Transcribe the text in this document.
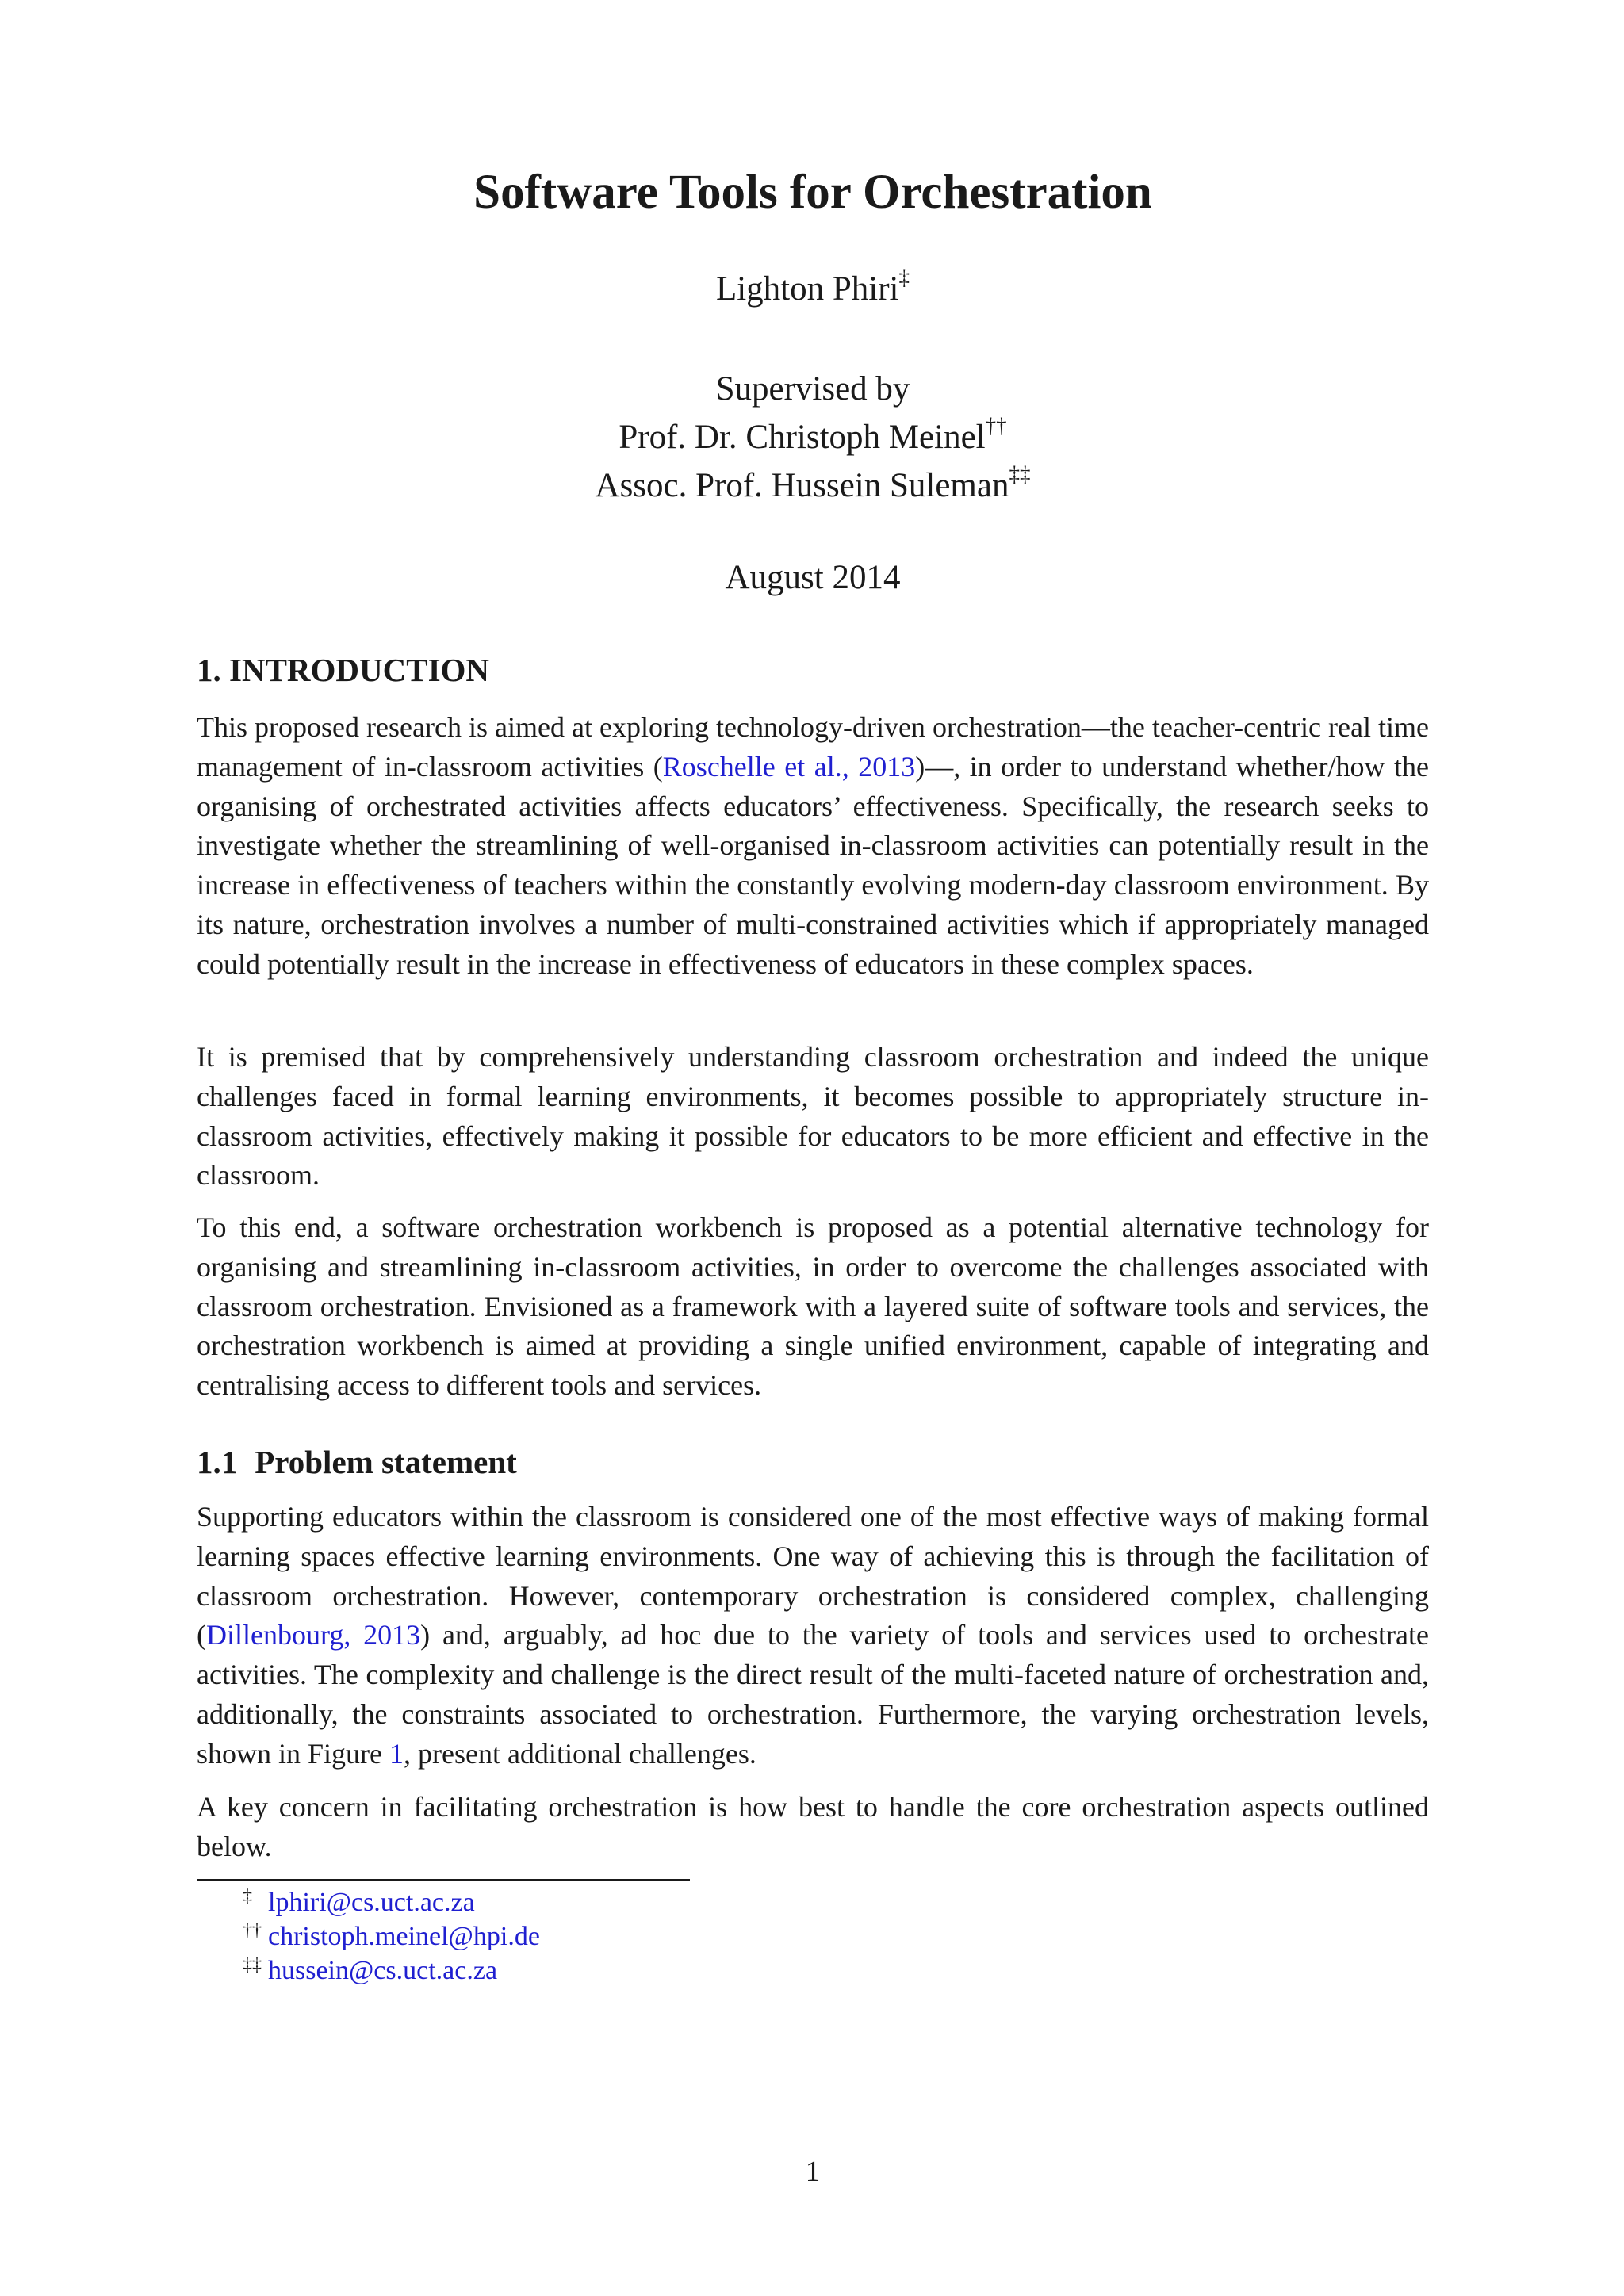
Software Tools for Orchestration
Lighton Phiri‡
Supervised by
Prof. Dr. Christoph Meinel††
Assoc. Prof. Hussein Suleman‡‡
August 2014
1. INTRODUCTION

This proposed research is aimed at exploring technology-driven orchestration—the teacher-centric real time management of in-classroom activities (Roschelle et al., 2013)—, in order to understand whether/how the organising of orchestrated activities affects educators’ effectiveness. Specifically, the research seeks to investigate whether the streamlining of well-organised in-classroom activities can potentially result in the increase in effectiveness of teachers within the constantly evolving modern-day classroom environment. By its nature, orchestration involves a number of multi-constrained activities which if appropriately managed could potentially result in the increase in effectiveness of educators in these complex spaces.

It is premised that by comprehensively understanding classroom orchestration and indeed the unique challenges faced in formal learning environments, it becomes possible to appropriately structure in-classroom activities, effectively making it possible for educators to be more efficient and effective in the classroom.

To this end, a software orchestration workbench is proposed as a potential alternative technology for organising and streamlining in-classroom activities, in order to overcome the challenges associated with classroom orchestration. Envisioned as a framework with a layered suite of software tools and services, the orchestration workbench is aimed at providing a single unified environment, capable of integrating and centralising access to different tools and services.

1.1 Problem statement

Supporting educators within the classroom is considered one of the most effective ways of making formal learning spaces effective learning environments. One way of achieving this is through the facilitation of classroom orchestration. However, contemporary orchestration is considered complex, challenging (Dillenbourg, 2013) and, arguably, ad hoc due to the variety of tools and services used to orchestrate activities. The complexity and challenge is the direct result of the multi-faceted nature of orchestration and, additionally, the constraints associated to orchestration. Furthermore, the varying orchestration levels, shown in Figure 1, present additional challenges.

A key concern in facilitating orchestration is how best to handle the core orchestration aspects outlined below.

‡ lphiri@cs.uct.ac.za
†† christoph.meinel@hpi.de
‡‡ hussein@cs.uct.ac.za
1
